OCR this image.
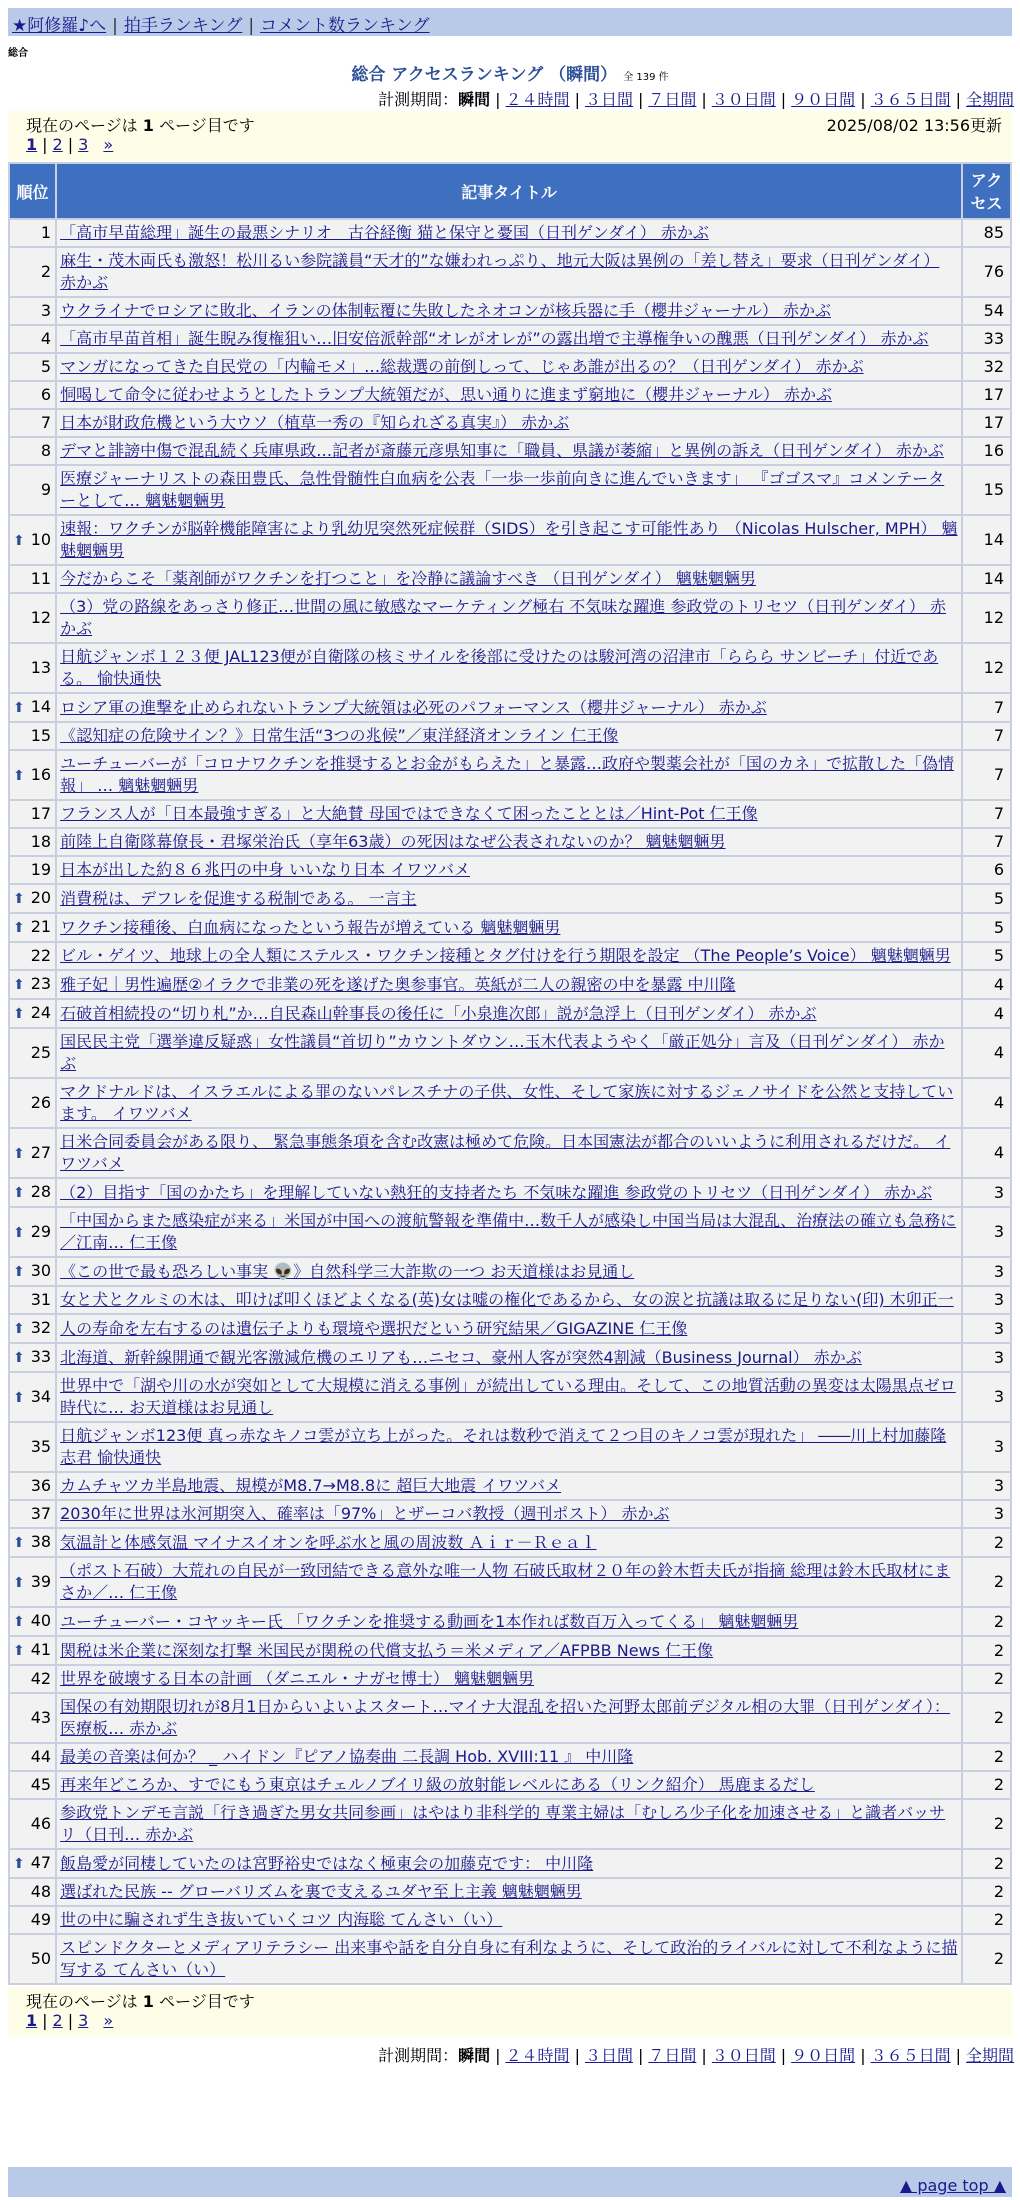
★阿修羅♪へ | 拍手ランキング | コメント数ランキング
総合
総合 アクセスランキング （瞬間） 全 139 件
計測期間：瞬間 | ２４時間 | ３日間 | ７日間 | ３０日間 | ９０日間 | ３６５日間 | 全期間
現在のページは 1 ページ目です	2025/08/02 13:56更新
1 | 2 | 3 »
順位	記事タイトル	アクセス
1	「高市早苗総理」誕生の最悪シナリオ　古谷経衡 猫と保守と憂国（日刊ゲンダイ） 赤かぶ	85
2	麻生・茂木両氏も激怒！松川るい参院議員“天才的”な嫌われっぷり、地元大阪は異例の「差し替え」要求（日刊ゲンダイ） 赤かぶ	76
3	ウクライナでロシアに敗北、イランの体制転覆に失敗したネオコンが核兵器に手（櫻井ジャーナル） 赤かぶ	54
4	「高市早苗首相」誕生睨み復権狙い…旧安倍派幹部“オレがオレが”の露出増で主導権争いの醜悪（日刊ゲンダイ） 赤かぶ	33
5	マンガになってきた自民党の「内輪モメ」…総裁選の前倒しって、じゃあ誰が出るの？（日刊ゲンダイ） 赤かぶ	32
6	恫喝して命令に従わせようとしたトランプ大統領だが、思い通りに進まず窮地に（櫻井ジャーナル） 赤かぶ	17
7	日本が財政危機という大ウソ（植草一秀の『知られざる真実』） 赤かぶ	17
8	デマと誹謗中傷で混乱続く兵庫県政…記者が斎藤元彦県知事に「職員、県議が萎縮」と異例の訴え（日刊ゲンダイ） 赤かぶ	16
9	医療ジャーナリストの森田豊氏、急性骨髄性白血病を公表「一歩一歩前向きに進んでいきます」 『ゴゴスマ』コメンテーターとして… 魑魅魍魎男	15
⬆ 10	速報：ワクチンが脳幹機能障害により乳幼児突然死症候群（SIDS）を引き起こす可能性あり （Nicolas Hulscher, MPH） 魑魅魍魎男	14
11	今だからこそ「薬剤師がワクチンを打つこと」を冷静に議論すべき （日刊ゲンダイ） 魑魅魍魎男	14
12	（3）党の路線をあっさり修正…世間の風に敏感なマーケティング極右 不気味な躍進 参政党のトリセツ（日刊ゲンダイ） 赤かぶ	12
13	日航ジャンボ１２３便 JAL123便が自衛隊の核ミサイルを後部に受けたのは駿河湾の沼津市「ららら サンビーチ」付近である。 愉快通快	12
⬆ 14	ロシア軍の進撃を止められないトランプ大統領は必死のパフォーマンス（櫻井ジャーナル） 赤かぶ	7
15	《認知症の危険サイン？》日常生活“3つの兆候”／東洋経済オンライン 仁王像	7
⬆ 16	ユーチューバーが「コロナワクチンを推奨するとお金がもらえた」と暴露…政府や製薬会社が「国のカネ」で拡散した「偽情報」 … 魑魅魍魎男	7
17	フランス人が「日本最強すぎる」と大絶賛 母国ではできなくて困ったこととは／Hint-Pot 仁王像	7
18	前陸上自衛隊幕僚長・君塚栄治氏（享年63歳）の死因はなぜ公表されないのか？ 魑魅魍魎男	7
19	日本が出した約８６兆円の中身 いいなり日本 イワツバメ	6
⬆ 20	消費税は、デフレを促進する税制である。 一言主	5
⬆ 21	ワクチン接種後、白血病になったという報告が増えている 魑魅魍魎男	5
22	ビル・ゲイツ、地球上の全人類にステルス・ワクチン接種とタグ付けを行う期限を設定 （The People’s Voice） 魑魅魍魎男	5
⬆ 23	雅子妃｜男性遍歴②イラクで非業の死を遂げた奥参事官。英紙が二人の親密の中を暴露 中川隆	4
⬆ 24	石破首相続投の“切り札”か…自民森山幹事長の後任に「小泉進次郎」説が急浮上（日刊ゲンダイ） 赤かぶ	4
25	国民民主党「選挙違反疑惑」女性議員“首切り”カウントダウン…玉木代表ようやく「厳正処分」言及（日刊ゲンダイ） 赤かぶ	4
26	マクドナルドは、イスラエルによる罪のないパレスチナの子供、女性、そして家族に対するジェノサイドを公然と支持しています。 イワツバメ	4
⬆ 27	日米合同委員会がある限り、 緊急事態条項を含む改憲は極めて危険。日本国憲法が都合のいいように利用されるだけだ。 イワツバメ	4
⬆ 28	（2）目指す「国のかたち」を理解していない熱狂的支持者たち 不気味な躍進 参政党のトリセツ（日刊ゲンダイ） 赤かぶ	3
⬆ 29	「中国からまた感染症が来る」米国が中国への渡航警報を準備中…数千人が感染し中国当局は大混乱、治療法の確立も急務に／江南… 仁王像	3
⬆ 30	《この世で最も恐ろしい事実 👽》自然科学三大詐欺の一つ お天道様はお見通し	3
31	女と犬とクルミの木は、叩けば叩くほどよくなる(英)女は嘘の権化であるから、女の涙と抗議は取るに足りない(印) 木卯正一	3
⬆ 32	人の寿命を左右するのは遺伝子よりも環境や選択だという研究結果／GIGAZINE 仁王像	3
⬆ 33	北海道、新幹線開通で観光客激減危機のエリアも…ニセコ、豪州人客が突然4割減（Business Journal） 赤かぶ	3
⬆ 34	世界中で「湖や川の水が突如として大規模に消える事例」が続出している理由。そして、この地質活動の異変は太陽黒点ゼロ時代に… お天道様はお見通し	3
35	日航ジャンボ123便 真っ赤なキノコ雲が立ち上がった。それは数秒で消えて２つ目のキノコ雲が現れた」 ――川上村加藤隆志君 愉快通快	3
36	カムチャツカ半島地震、規模がM8.7→M8.8に 超巨大地震 イワツバメ	3
37	2030年に世界は氷河期突入、確率は「97%」とザーコバ教授（週刊ポスト） 赤かぶ	3
⬆ 38	気温計と体感気温 マイナスイオンを呼ぶ水と風の周波数 Ａｉｒ－Ｒｅａｌ	2
⬆ 39	（ポスト石破）大荒れの自民が一致団結できる意外な唯一人物 石破氏取材２０年の鈴木哲夫氏が指摘 総理は鈴木氏取材にまさか／… 仁王像	2
⬆ 40	ユーチューバー・コヤッキー氏 「ワクチンを推奨する動画を1本作れば数百万入ってくる」 魑魅魍魎男	2
⬆ 41	関税は米企業に深刻な打撃 米国民が関税の代償支払う＝米メディア／AFPBB News 仁王像	2
42	世界を破壊する日本の計画 （ダニエル・ナガセ博士） 魑魅魍魎男	2
43	国保の有効期限切れが8月1日からいよいよスタート…マイナ大混乱を招いた河野太郎前デジタル相の大罪（日刊ゲンダイ）：医療板… 赤かぶ	2
44	最美の音楽は何か？ _ ハイドン『ピアノ協奏曲 二長調 Hob. XVIII:11 』 中川隆	2
45	再来年どころか、すでにもう東京はチェルノブイリ級の放射能レベルにある（リンク紹介） 馬鹿まるだし	2
46	参政党トンデモ言説「行き過ぎた男女共同参画」はやはり非科学的 専業主婦は「むしろ少子化を加速させる」と識者バッサリ（日刊… 赤かぶ	2
⬆ 47	飯島愛が同棲していたのは宮野裕史ではなく極東会の加藤克です： 中川隆	2
48	選ばれた民族 -- グローバリズムを裏で支えるユダヤ至上主義 魑魅魍魎男	2
49	世の中に騙されず生き抜いていくコツ 内海聡 てんさい（い）	2
50	スピンドクターとメディアリテラシー 出来事や話を自分自身に有利なように、そして政治的ライバルに対して不利なように描写する てんさい（い）	2
現在のページは 1 ページ目です
1 | 2 | 3 »
計測期間：瞬間 | ２４時間 | ３日間 | ７日間 | ３０日間 | ９０日間 | ３６５日間 | 全期間
▲ page top ▲
